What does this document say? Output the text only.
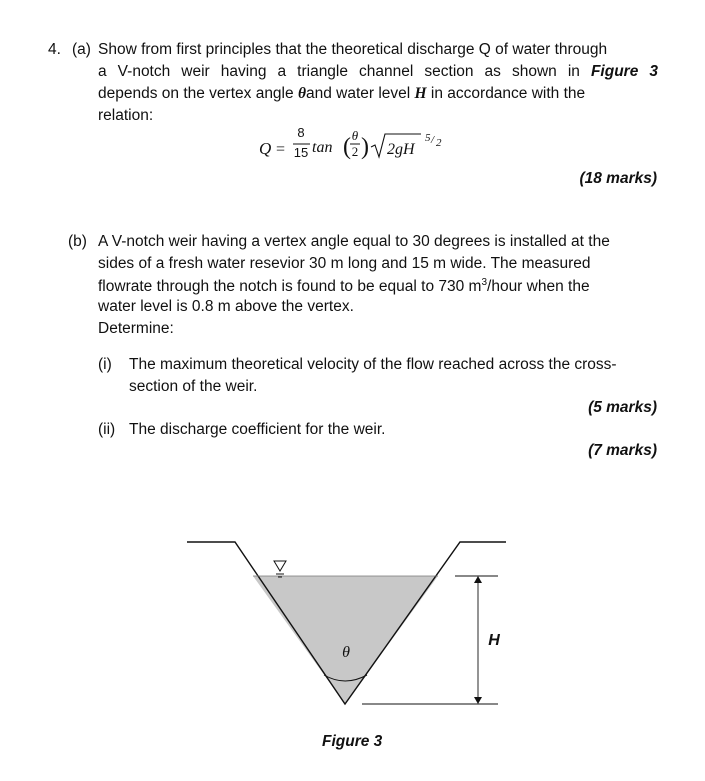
4. (a) Show from first principles that the theoretical discharge Q of water through
a V-notch weir having a triangle channel section as shown in Figure 3
depends on the vertex angle θand water level H in accordance with the
relation:
Q =
8
15 tan ( θ
2 ) 2gH
5 / 2
(18 marks)
(b) A V-notch weir having a vertex angle equal to 30 degrees is installed at the
sides of a fresh water resevior 30 m long and 15 m wide. The measured
flowrate through the notch is found to be equal to 730 $m^3$/hour when the
water level is 0.8 m above the vertex.
Determine:
(i) The maximum theoretical velocity of the flow reached across the cross-
section of the weir.
(5 marks)
(ii) The discharge coefficient for the weir.
(7 marks)
θ
H
Figure 3
